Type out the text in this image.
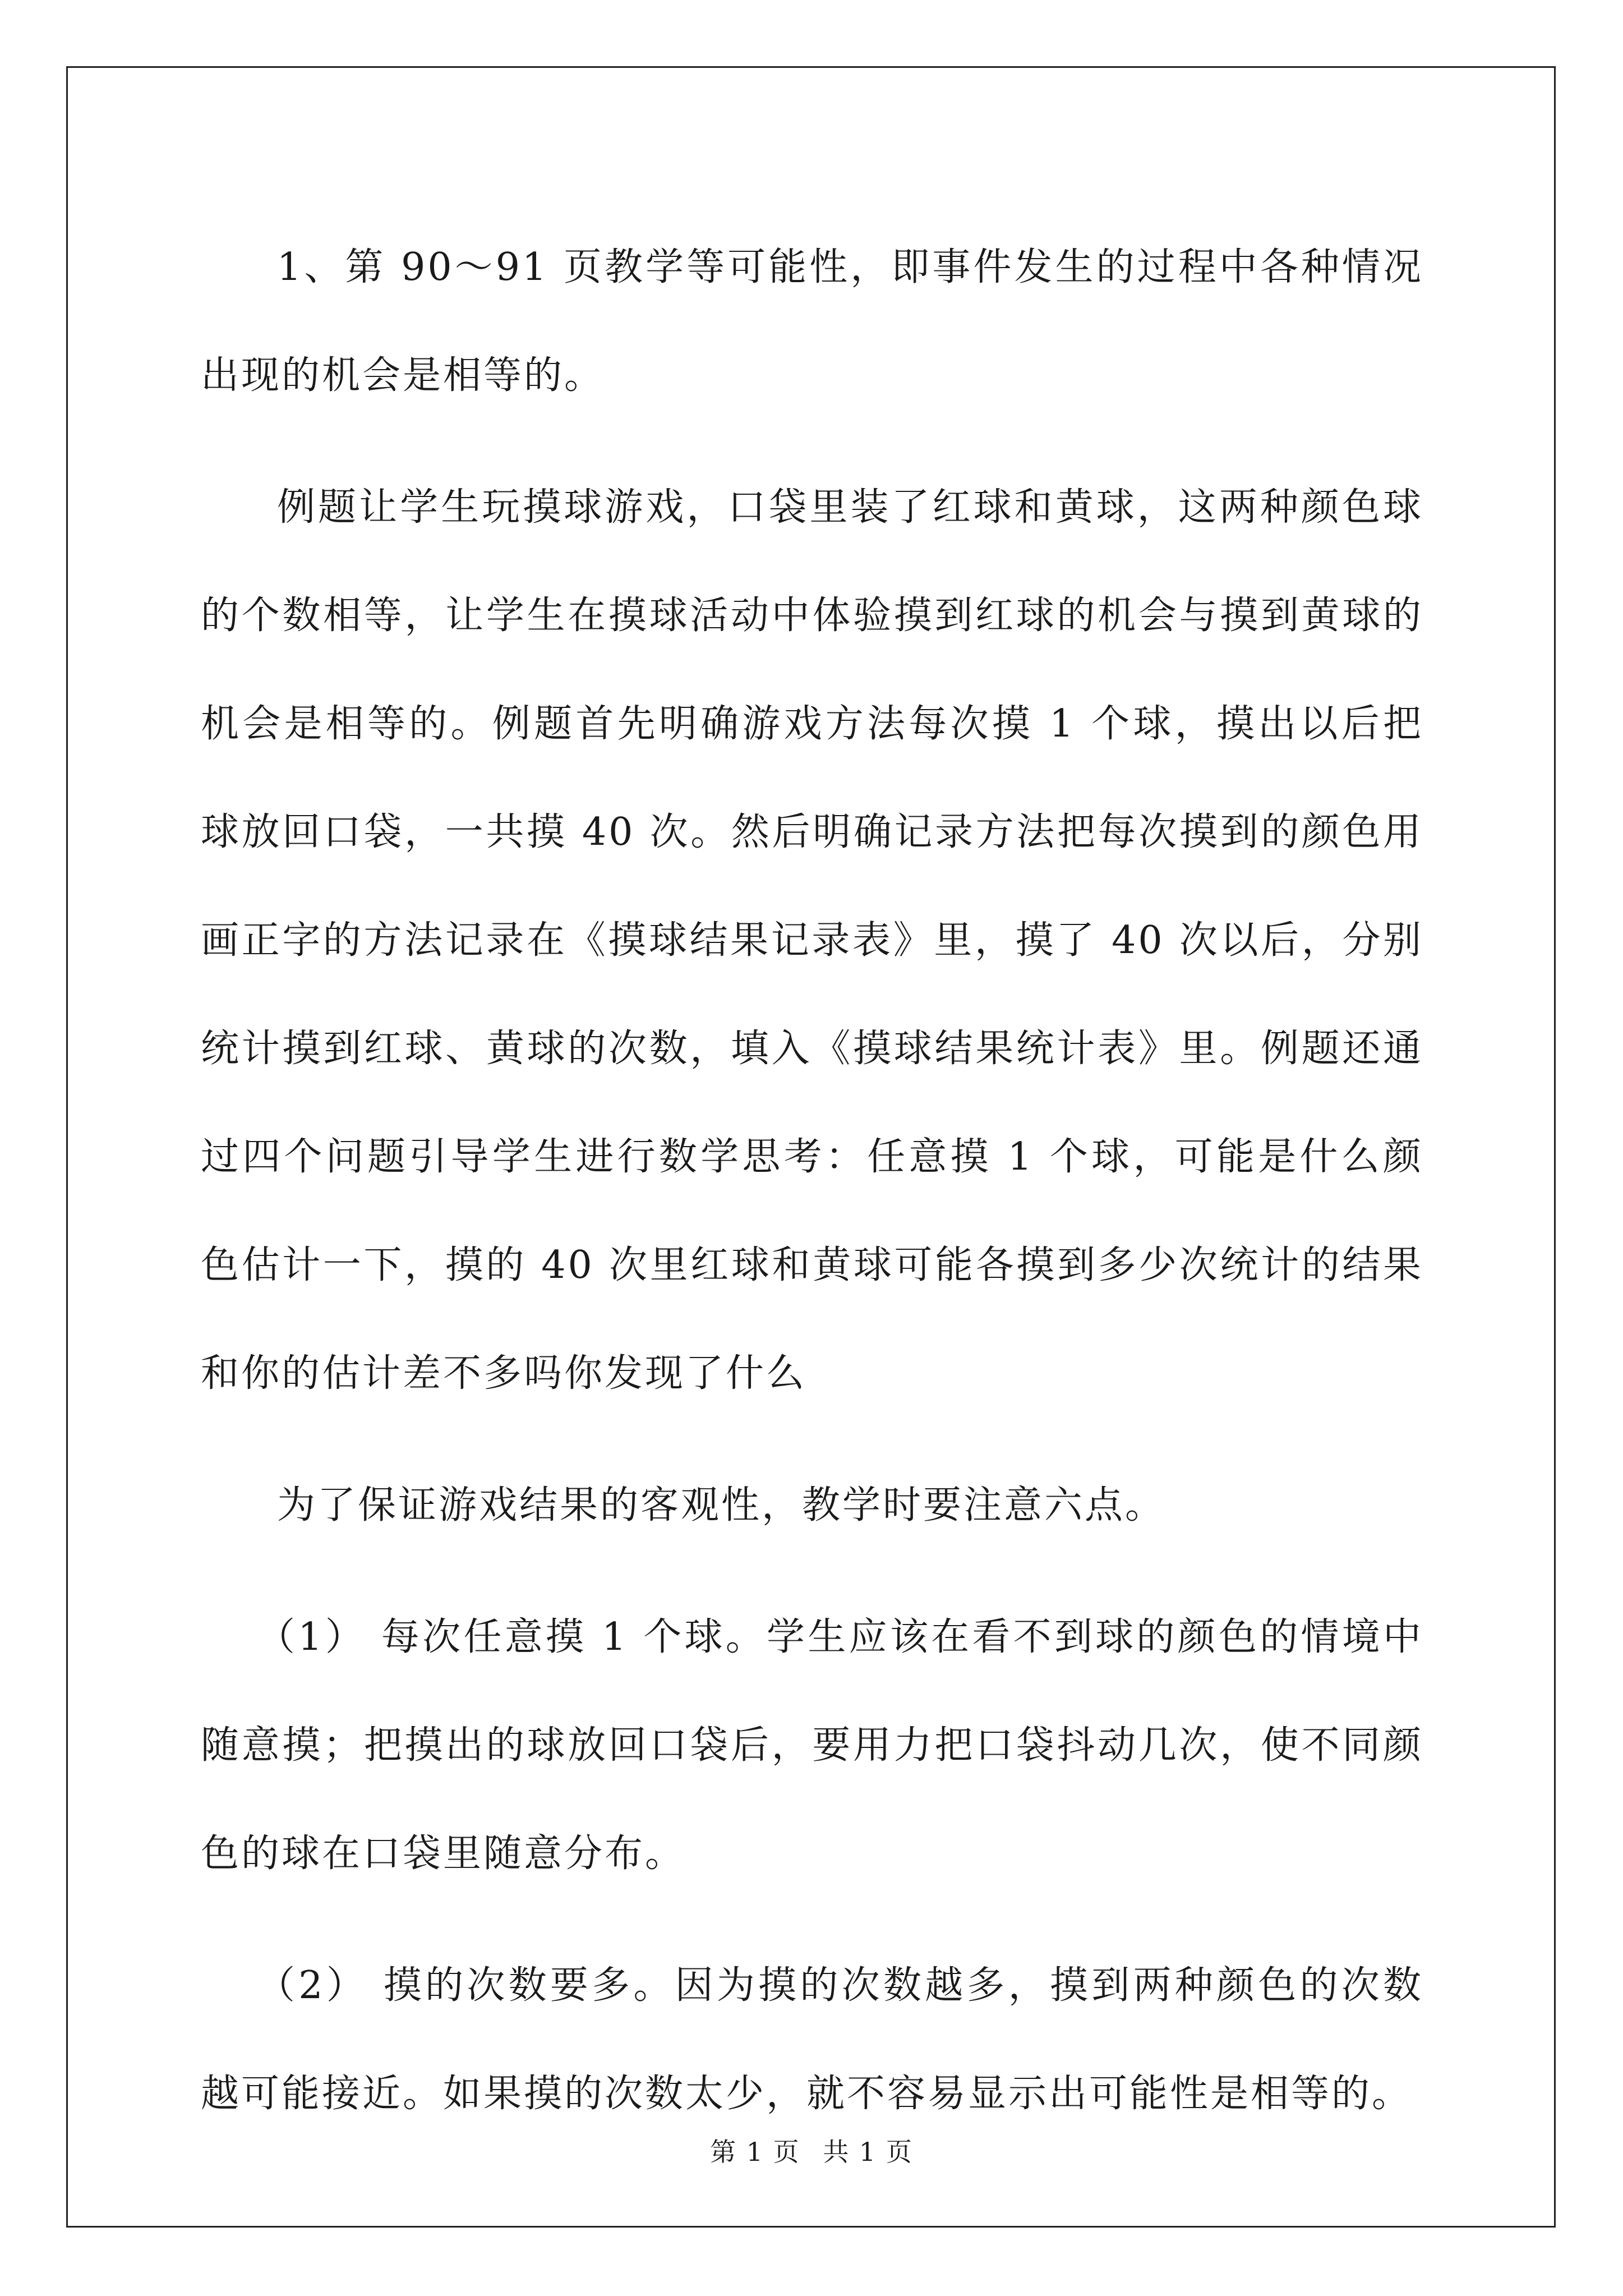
1、第 90～91 页教学等可能性，即事件发生的过程中各种情况出现的机会是相等的。

例题让学生玩摸球游戏，口袋里装了红球和黄球，这两种颜色球的个数相等，让学生在摸球活动中体验摸到红球的机会与摸到黄球的机会是相等的。例题首先明确游戏方法每次摸 1 个球，摸出以后把球放回口袋，一共摸 40 次。然后明确记录方法把每次摸到的颜色用画正字的方法记录在《摸球结果记录表》里，摸了 40 次以后，分别统计摸到红球、黄球的次数，填入《摸球结果统计表》里。例题还通过四个问题引导学生进行数学思考：任意摸 1 个球，可能是什么颜色估计一下，摸的 40 次里红球和黄球可能各摸到多少次统计的结果和你的估计差不多吗你发现了什么

为了保证游戏结果的客观性，教学时要注意六点。

（1） 每次任意摸 1 个球。学生应该在看不到球的颜色的情境中随意摸；把摸出的球放回口袋后，要用力把口袋抖动几次，使不同颜色的球在口袋里随意分布。

（2） 摸的次数要多。因为摸的次数越多，摸到两种颜色的次数越可能接近。如果摸的次数太少，就不容易显示出可能性是相等的。

第 1 页 共 1 页
